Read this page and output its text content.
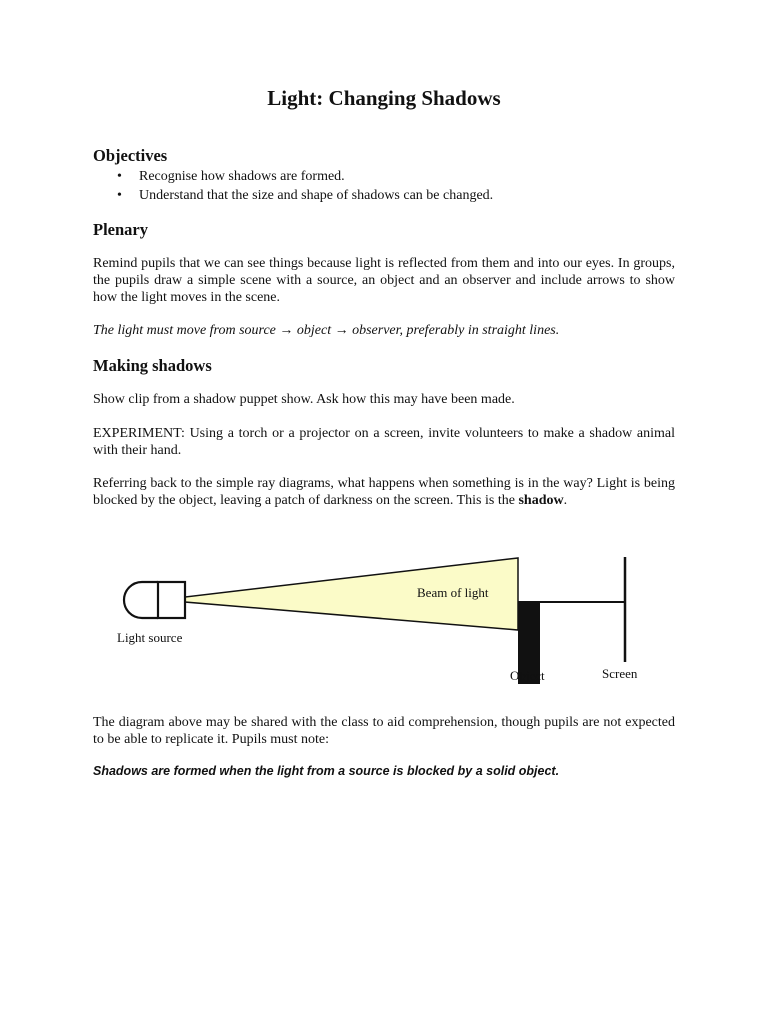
Light: Changing Shadows
Objectives
• Recognise how shadows are formed.
• Understand that the size and shape of shadows can be changed.
Plenary

Remind pupils that we can see things because light is reflected from them and into our eyes. In groups, the pupils draw a simple scene with a source, an object and an observer and include arrows to show how the light moves in the scene.

The light must move from source → object → observer, preferably in straight lines.

Making shadows

Show clip from a shadow puppet show. Ask how this may have been made.

EXPERIMENT: Using a torch or a projector on a screen, invite volunteers to make a shadow animal with their hand.

Referring back to the simple ray diagrams, what happens when something is in the way? Light is being blocked by the object, leaving a patch of darkness on the screen. This is the shadow.

Beam of light
Light source
Object	Screen

The diagram above may be shared with the class to aid comprehension, though pupils are not expected to be able to replicate it. Pupils must note:

Shadows are formed when the light from a source is blocked by a solid object.
